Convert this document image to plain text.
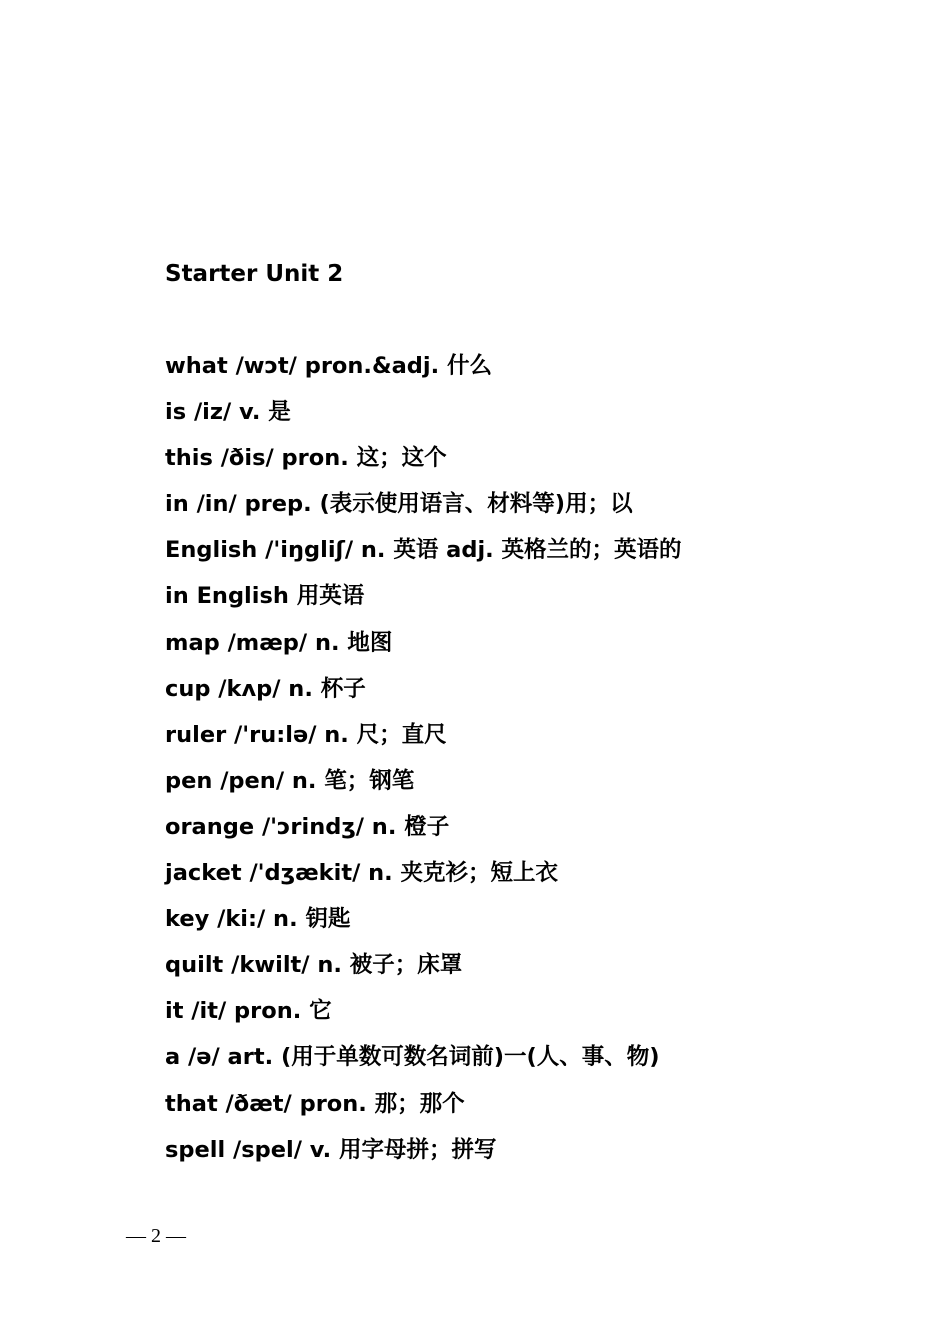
Starter Unit 2
what /wɔt/ pron.&adj. 什么
is /iz/ v. 是
this /ðis/ pron. 这；这个
in /in/ prep. (表示使用语言、材料等)用；以
English /'iŋgliʃ/ n. 英语 adj. 英格兰的；英语的
in English 用英语
map /mæp/ n. 地图
cup /kʌp/ n. 杯子
ruler /'ru:lə/ n. 尺；直尺
pen /pen/ n. 笔；钢笔
orange /'ɔrindʒ/ n. 橙子
jacket /'dʒækit/ n. 夹克衫；短上衣
key /ki:/ n. 钥匙
quilt /kwilt/ n. 被子；床罩
it /it/ pron. 它
a /ə/ art. (用于单数可数名词前)一(人、事、物)
that /ðæt/ pron. 那；那个
spell /spel/ v. 用字母拼；拼写
— 2 —
